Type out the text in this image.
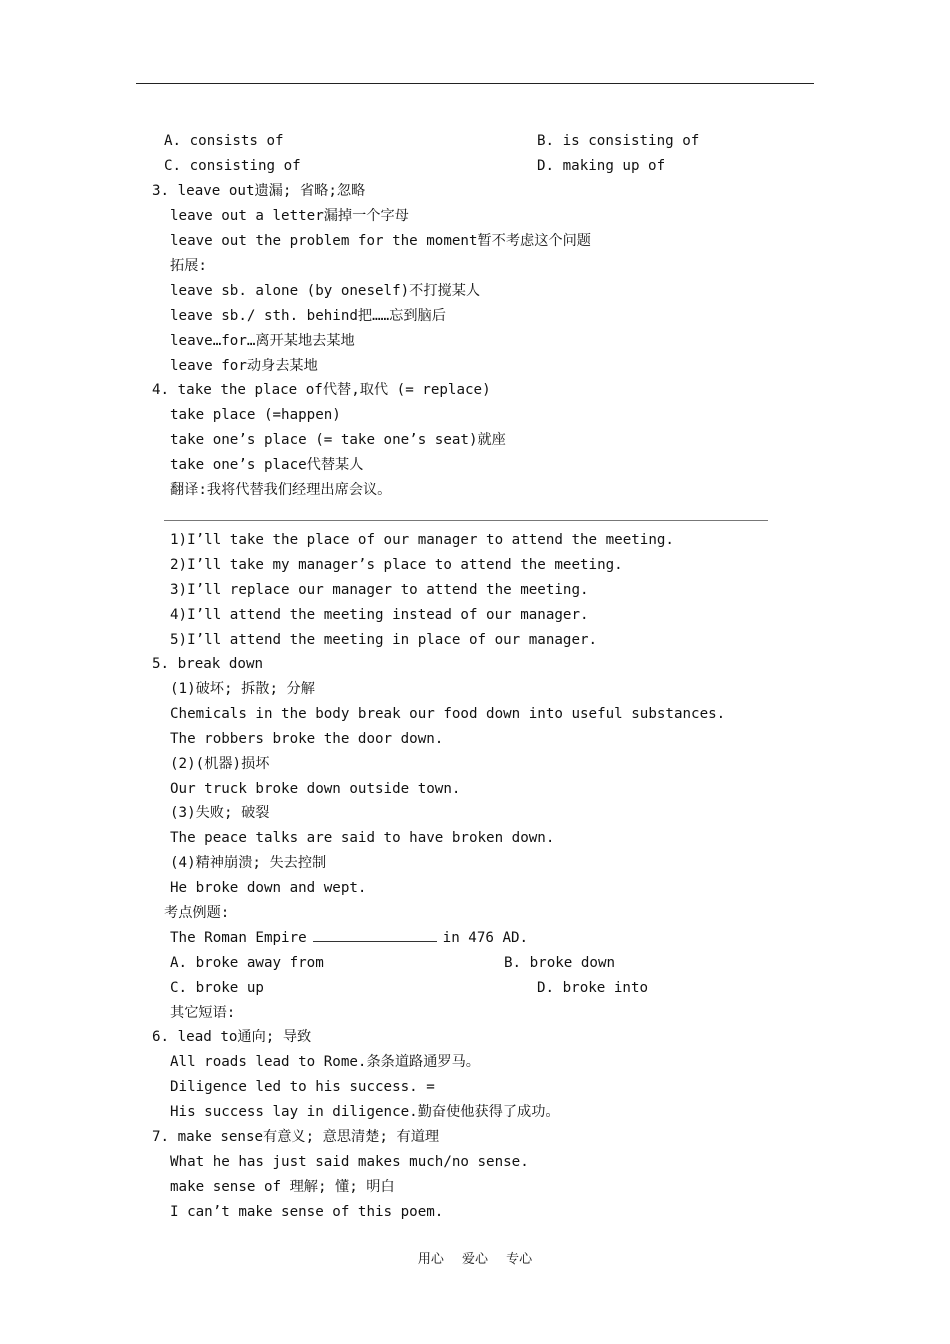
A. consists of	B. is consisting of
C. consisting of	D. making up of
3. leave out遗漏; 省略;忽略
leave out a letter漏掉一个字母
leave out the problem for the moment暂不考虑这个问题
拓展:
leave sb. alone (by oneself)不打搅某人
leave sb./ sth. behind把……忘到脑后
leave…for…离开某地去某地
leave for动身去某地
4. take the place of代替,取代 (= replace)
take place (=happen)
take one’s place (= take one’s seat)就座
take one’s place代替某人
翻译:我将代替我们经理出席会议。
1)I’ll take the place of our manager to attend the meeting.
2)I’ll take my manager’s place to attend the meeting.
3)I’ll replace our manager to attend the meeting.
4)I’ll attend the meeting instead of our manager.
5)I’ll attend the meeting in place of our manager.
5. break down
(1)破坏; 拆散; 分解
Chemicals in the body break our food down into useful substances.
The robbers broke the door down.
(2)(机器)损坏
Our truck broke down outside town.
(3)失败; 破裂
The peace talks are said to have broken down.
(4)精神崩溃; 失去控制
He broke down and wept.
考点例题:
The Roman Empire	in 476 AD.
A. broke away from	B. broke down
C. broke up	D. broke into
其它短语:
6. lead to通向; 导致
All roads lead to Rome.条条道路通罗马。
Diligence led to his success. =
His success lay in diligence.勤奋使他获得了成功。
7. make sense有意义; 意思清楚; 有道理
What he has just said makes much/no sense.
make sense of 理解; 懂; 明白
I can’t make sense of this poem.
用心 爱心 专心
